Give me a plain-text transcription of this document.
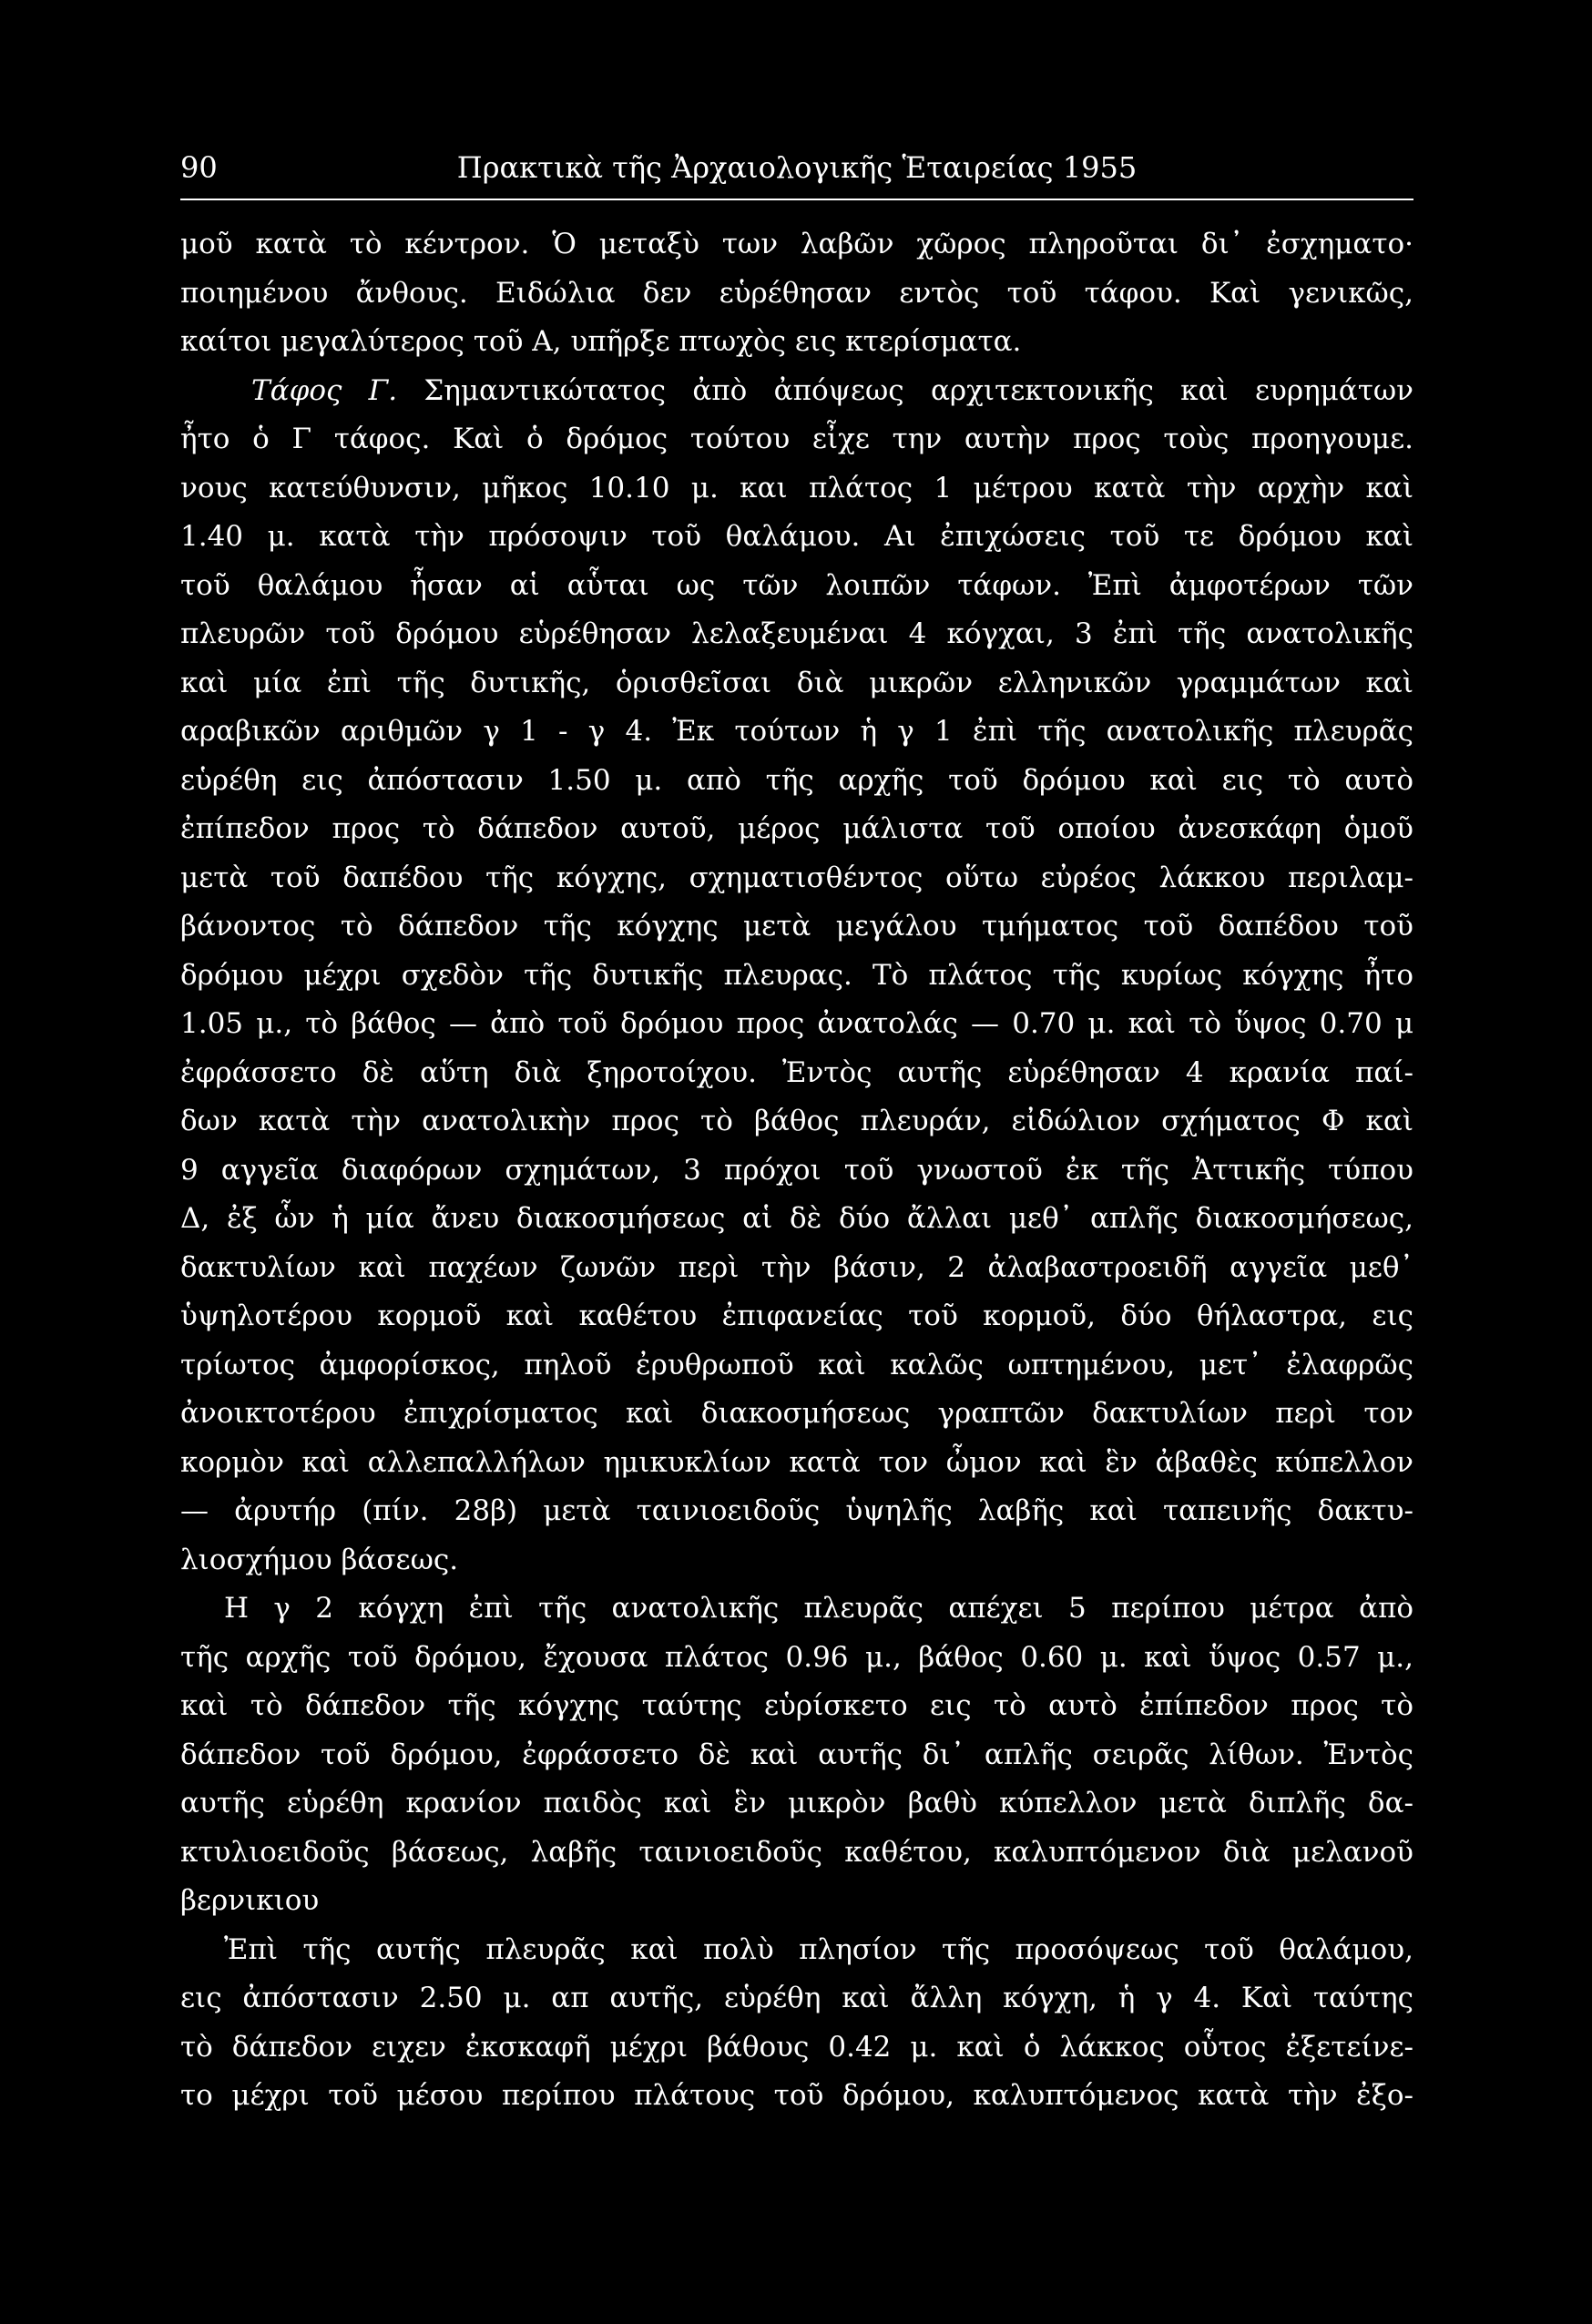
90	Πρακτικὰ τῆς Ἀρχαιολογικῆς Ἑταιρείας 1955
μοῦ κατὰ τὸ κέντρον. Ὁ μεταξὺ των λαβῶν χῶρος πληροῦται δι᾽ ἐσχηματο·
ποιημένου ἄνθους. Ειδώλια δεν εὑρέθησαν εντὸς τοῦ τάφου. Καὶ γενικῶς,
καίτοι μεγαλύτερος τοῦ Α, υπῆρξε πτωχὸς εις κτερίσματα.
Τάφος Γ. Σημαντικώτατος ἀπὸ ἀπόψεως αρχιτεκτονικῆς καὶ ευρημάτων
ἦτο ὁ Γ τάφος. Καὶ ὁ δρόμος τούτου εἶχε την αυτὴν προς τοὺς προηγουμε.
νους κατεύθυνσιν, μῆκος 10.10 μ. και πλάτος 1 μέτρου κατὰ τὴν αρχὴν καὶ
1.40 μ. κατὰ τὴν πρόσοψιν τοῦ θαλάμου. Αι ἐπιχώσεις τοῦ τε δρόμου καὶ
τοῦ θαλάμου ἦσαν αἱ αὗται ως τῶν λοιπῶν τάφων. Ἐπὶ ἀμφοτέρων τῶν
πλευρῶν τοῦ δρόμου εὑρέθησαν λελαξευμέναι 4 κόγχαι, 3 ἐπὶ τῆς ανατολικῆς
καὶ μία ἐπὶ τῆς δυτικῆς, ὁρισθεῖσαι διὰ μικρῶν ελληνικῶν γραμμάτων καὶ
αραβικῶν αριθμῶν γ 1 - γ 4. Ἐκ τούτων ἡ γ 1 ἐπὶ τῆς ανατολικῆς πλευρᾶς
εὑρέθη εις ἀπόστασιν 1.50 μ. απὸ τῆς αρχῆς τοῦ δρόμου καὶ εις τὸ αυτὸ
ἐπίπεδον προς τὸ δάπεδον αυτοῦ, μέρος μάλιστα τοῦ οποίου ἀνεσκάφη ὁμοῦ
μετὰ τοῦ δαπέδου τῆς κόγχης, σχηματισθέντος οὕτω εὐρέος λάκκου περιλαμ-
βάνοντος τὸ δάπεδον τῆς κόγχης μετὰ μεγάλου τμήματος τοῦ δαπέδου τοῦ
δρόμου μέχρι σχεδὸν τῆς δυτικῆς πλευρας. Τὸ πλάτος τῆς κυρίως κόγχης ἦτο
1.05 μ., τὸ βάθος — ἀπὸ τοῦ δρόμου προς ἀνατολάς — 0.70 μ. καὶ τὸ ὕψος 0.70 μ
ἐφράσσετο δὲ αὕτη διὰ ξηροτοίχου. Ἐντὸς αυτῆς εὑρέθησαν 4 κρανία παί-
δων κατὰ τὴν ανατολικὴν προς τὸ βάθος πλευράν, εἰδώλιον σχήματος Φ καὶ
9 αγγεῖα διαφόρων σχημάτων, 3 πρόχοι τοῦ γνωστοῦ ἐκ τῆς Ἀττικῆς τύπου
Δ, ἐξ ὧν ἡ μία ἄνευ διακοσμήσεως αἱ δὲ δύο ἄλλαι μεθ᾽ απλῆς διακοσμήσεως,
δακτυλίων καὶ παχέων ζωνῶν περὶ τὴν βάσιν, 2 ἀλαβαστροειδῆ αγγεῖα μεθ᾽
ὑψηλοτέρου κορμοῦ καὶ καθέτου ἐπιφανείας τοῦ κορμοῦ, δύο θήλαστρα, εις
τρίωτος ἀμφορίσκος, πηλοῦ ἐρυθρωποῦ καὶ καλῶς ωπτημένου, μετ᾽ ἐλαφρῶς
ἀνοικτοτέρου ἐπιχρίσματος καὶ διακοσμήσεως γραπτῶν δακτυλίων περὶ τον
κορμὸν καὶ αλλεπαλλήλων ημικυκλίων κατὰ τον ὦμον καὶ ἓν ἀβαθὲς κύπελλον
— ἀρυτήρ (πίν. 28β) μετὰ ταινιοειδοῦς ὑψηλῆς λαβῆς καὶ ταπεινῆς δακτυ-
λιοσχήμου βάσεως.
Η γ 2 κόγχη ἐπὶ τῆς ανατολικῆς πλευρᾶς απέχει 5 περίπου μέτρα ἀπὸ
τῆς αρχῆς τοῦ δρόμου, ἔχουσα πλάτος 0.96 μ., βάθος 0.60 μ. καὶ ὕψος 0.57 μ.,
καὶ τὸ δάπεδον τῆς κόγχης ταύτης εὑρίσκετο εις τὸ αυτὸ ἐπίπεδον προς τὸ
δάπεδον τοῦ δρόμου, ἐφράσσετο δὲ καὶ αυτῆς δι᾽ απλῆς σειρᾶς λίθων. Ἐντὸς
αυτῆς εὑρέθη κρανίον παιδὸς καὶ ἓν μικρὸν βαθὺ κύπελλον μετὰ διπλῆς δα-
κτυλιοειδοῦς βάσεως, λαβῆς ταινιοειδοῦς καθέτου, καλυπτόμενον διὰ μελανοῦ
βερνικιου
Ἐπὶ τῆς αυτῆς πλευρᾶς καὶ πολὺ πλησίον τῆς προσόψεως τοῦ θαλάμου,
εις ἀπόστασιν 2.50 μ. απ αυτῆς, εὑρέθη καὶ ἄλλη κόγχη, ἡ γ 4. Καὶ ταύτης
τὸ δάπεδον ειχεν ἐκσκαφῆ μέχρι βάθους 0.42 μ. καὶ ὁ λάκκος οὗτος ἐξετείνε-
το μέχρι τοῦ μέσου περίπου πλάτους τοῦ δρόμου, καλυπτόμενος κατὰ τὴν ἐξο-
